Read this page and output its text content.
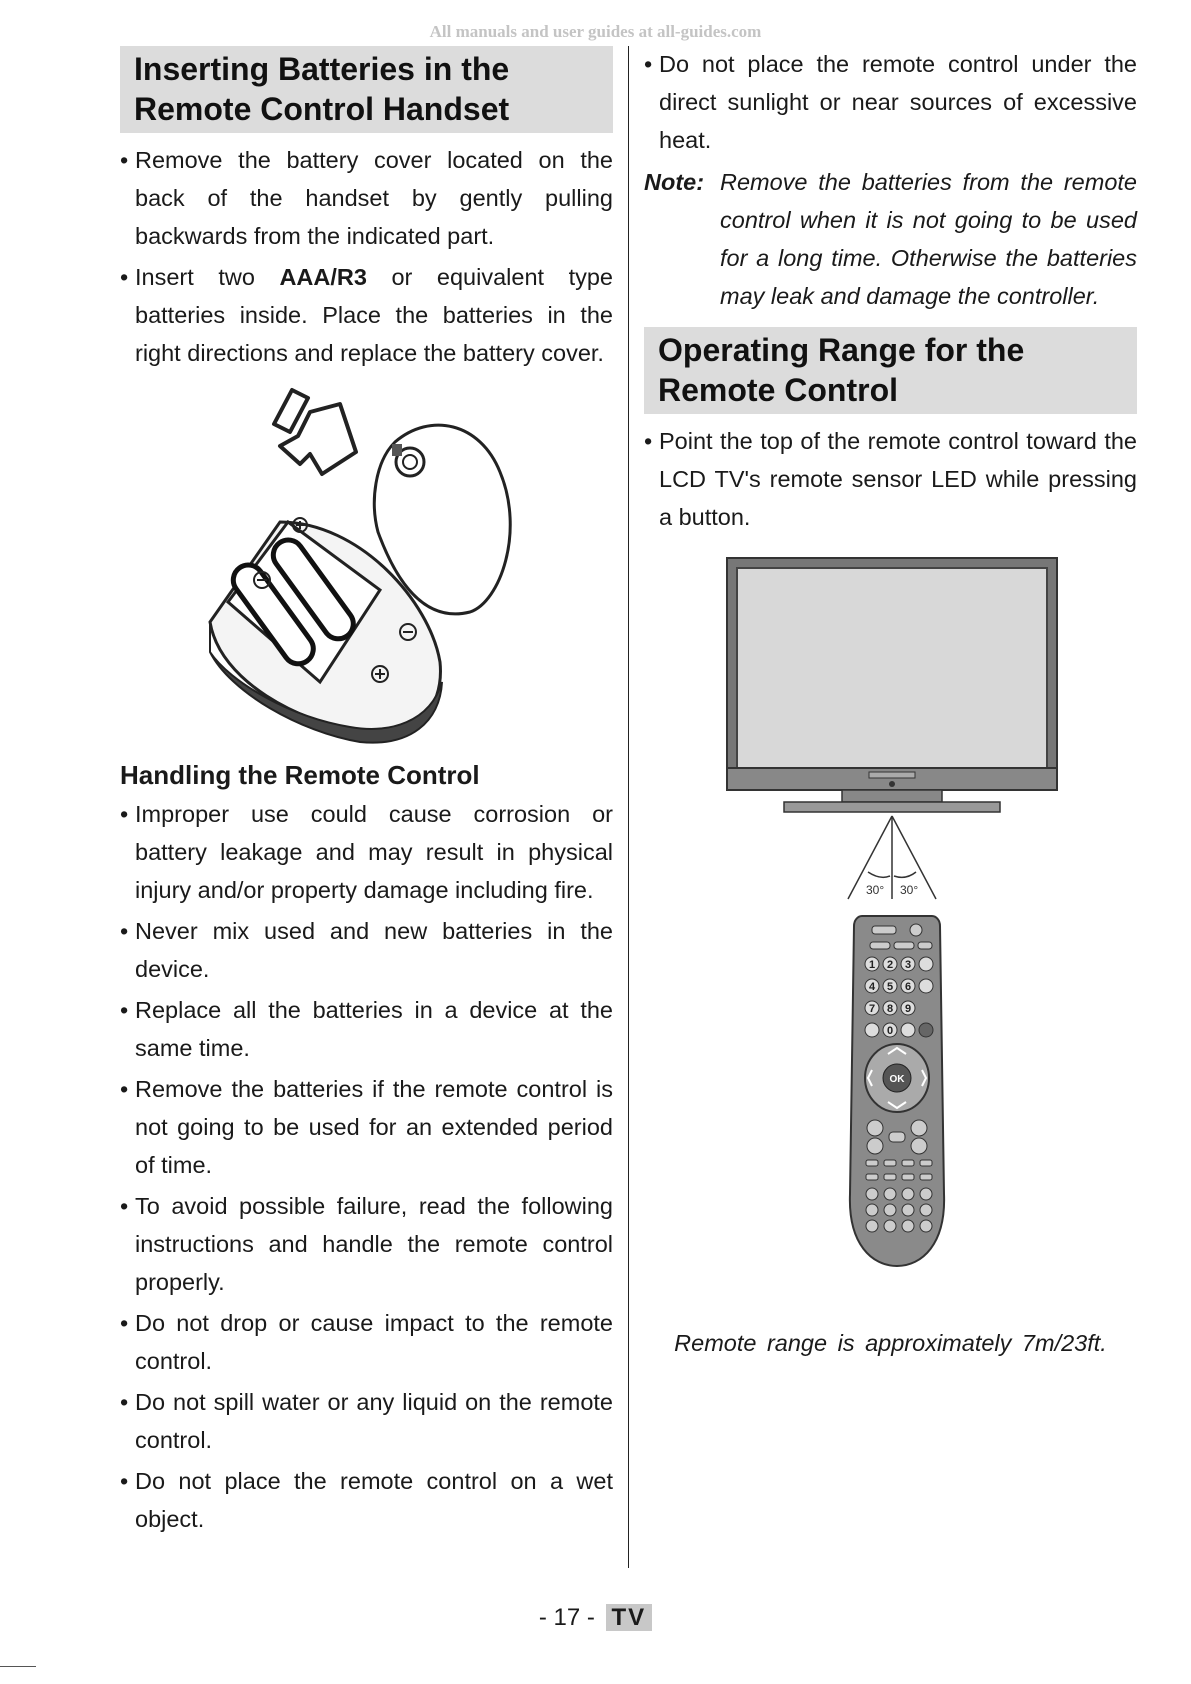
All manuals and user guides at all-guides.com
Inserting Batteries in the
Remote Control Handset
• Remove the battery cover located on the back of the handset by gently pulling backwards from the indicated part.
• Insert two AAA/R3 or equivalent type batteries inside. Place the batteries in the right directions and replace the battery cover.
Handling the Remote Control
• Improper use could cause corrosion or battery leakage and may result in physical injury and/or property damage including fire.
• Never mix used and new batteries in the device.
• Replace all the batteries in a device at the same time.
• Remove the batteries if the remote control is not going to be used for an extended period of time.
• To avoid possible failure, read the following instructions and handle the remote control properly.
• Do not drop or cause impact to the remote control.
• Do not spill water or any liquid on the remote control.
• Do not place the remote control on a wet object.
• Do not place the remote control under the direct sunlight or near sources of excessive heat.
Note: Remove the batteries from the remote control when it is not going to be used for a long time. Otherwise the batteries may leak and damage the controller.
Operating Range for the
Remote Control
• Point the top of the remote control toward the LCD TV's remote sensor LED while pressing a button.
30° 30°
1 2 3
4 5 6
7 8 9
0
OK
Remote range is approximately 7m/23ft.
- 17 - TV
